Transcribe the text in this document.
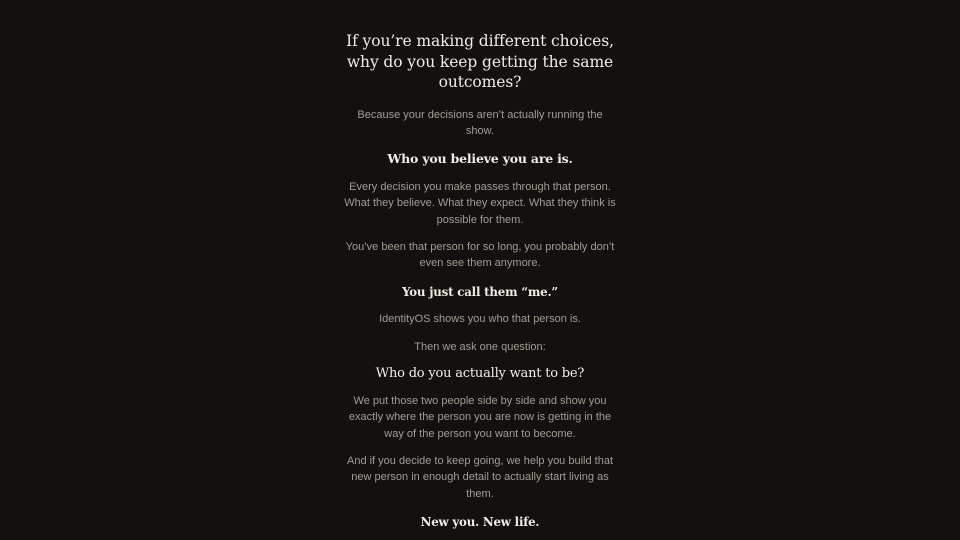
If you’re making different choices, why do you keep getting the same outcomes?

Because your decisions aren’t actually running the show.

Who you believe you are is.

Every decision you make passes through that person. What they believe. What they expect. What they think is possible for them.

You’ve been that person for so long, you probably don’t even see them anymore.

You just call them “me.”

IdentityOS shows you who that person is.

Then we ask one question:

Who do you actually want to be?

We put those two people side by side and show you exactly where the person you are now is getting in the way of the person you want to become.

And if you decide to keep going, we help you build that new person in enough detail to actually start living as them.

New you. New life.
